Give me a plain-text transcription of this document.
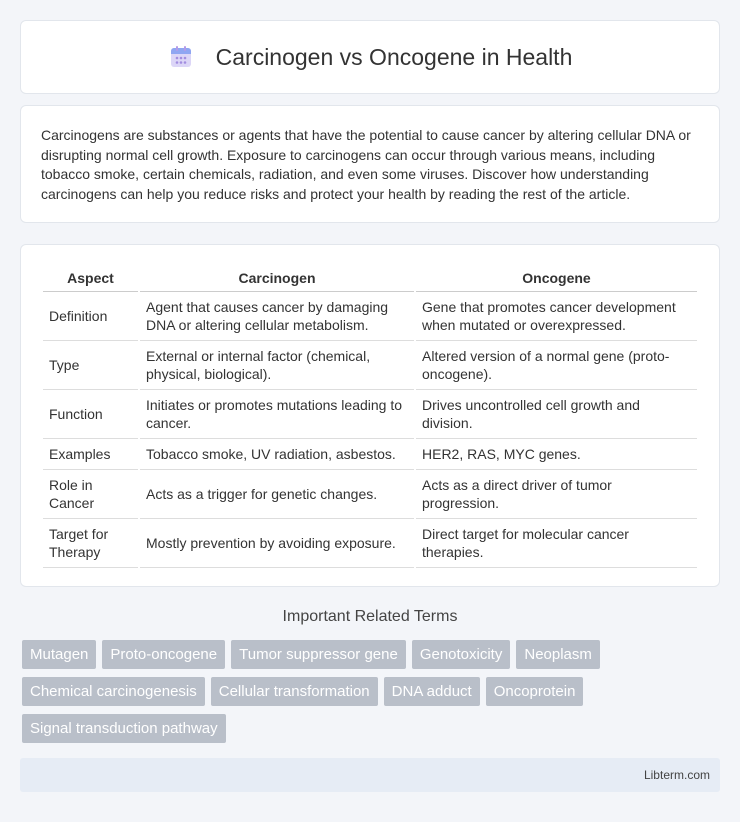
Carcinogen vs Oncogene in Health

Carcinogens are substances or agents that have the potential to cause cancer by altering cellular DNA or disrupting normal cell growth. Exposure to carcinogens can occur through various means, including tobacco smoke, certain chemicals, radiation, and even some viruses. Discover how understanding carcinogens can help you reduce risks and protect your health by reading the rest of the article.

Aspect	Carcinogen	Oncogene
Definition	Agent that causes cancer by damaging DNA or altering cellular metabolism.	Gene that promotes cancer development when mutated or overexpressed.
Type	External or internal factor (chemical, physical, biological).	Altered version of a normal gene (proto-oncogene).
Function	Initiates or promotes mutations leading to cancer.	Drives uncontrolled cell growth and division.
Examples	Tobacco smoke, UV radiation, asbestos.	HER2, RAS, MYC genes.
Role in Cancer	Acts as a trigger for genetic changes.	Acts as a direct driver of tumor progression.
Target for Therapy	Mostly prevention by avoiding exposure.	Direct target for molecular cancer therapies.
Important Related Terms
Mutagen	Proto-oncogene	Tumor suppressor gene	Genotoxicity	Neoplasm
Chemical carcinogenesis	Cellular transformation	DNA adduct	Oncoprotein
Signal transduction pathway
Libterm.com
